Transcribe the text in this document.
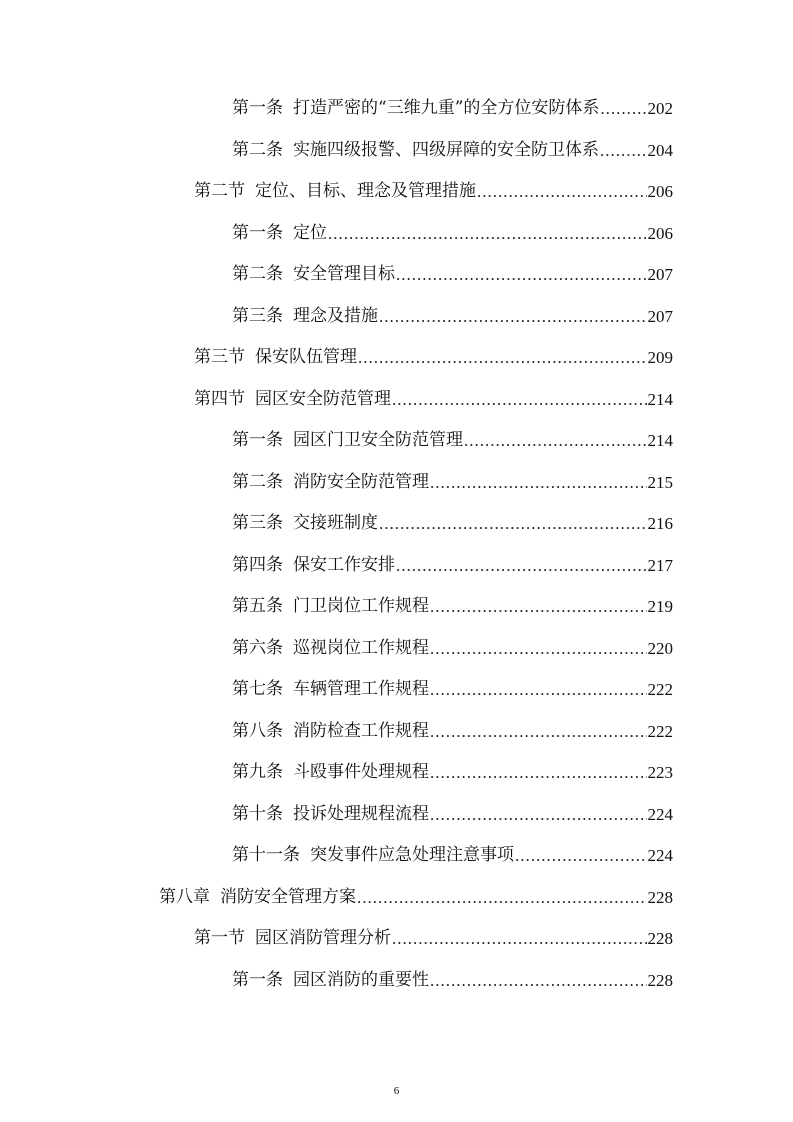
第一条 打造严密的“三维九重”的全方位安防体系 .....	202
第二条 实施四级报警、四级屏障的安全防卫体系 .....	204
第二节 定位、目标、理念及管理措施 .....	206
第一条 定位 .....	206
第二条 安全管理目标 .....	207
第三条 理念及措施 .....	207
第三节 保安队伍管理 .....	209
第四节 园区安全防范管理 .....	214
第一条 园区门卫安全防范管理 .....	214
第二条 消防安全防范管理 .....	215
第三条 交接班制度 .....	216
第四条 保安工作安排 .....	217
第五条 门卫岗位工作规程 .....	219
第六条 巡视岗位工作规程 .....	220
第七条 车辆管理工作规程 .....	222
第八条 消防检查工作规程 .....	222
第九条 斗殴事件处理规程 .....	223
第十条 投诉处理规程流程 .....	224
第十一条 突发事件应急处理注意事项 .....	224
第八章 消防安全管理方案 .....	228
第一节 园区消防管理分析 .....	228
第一条 园区消防的重要性 .....	228
6
